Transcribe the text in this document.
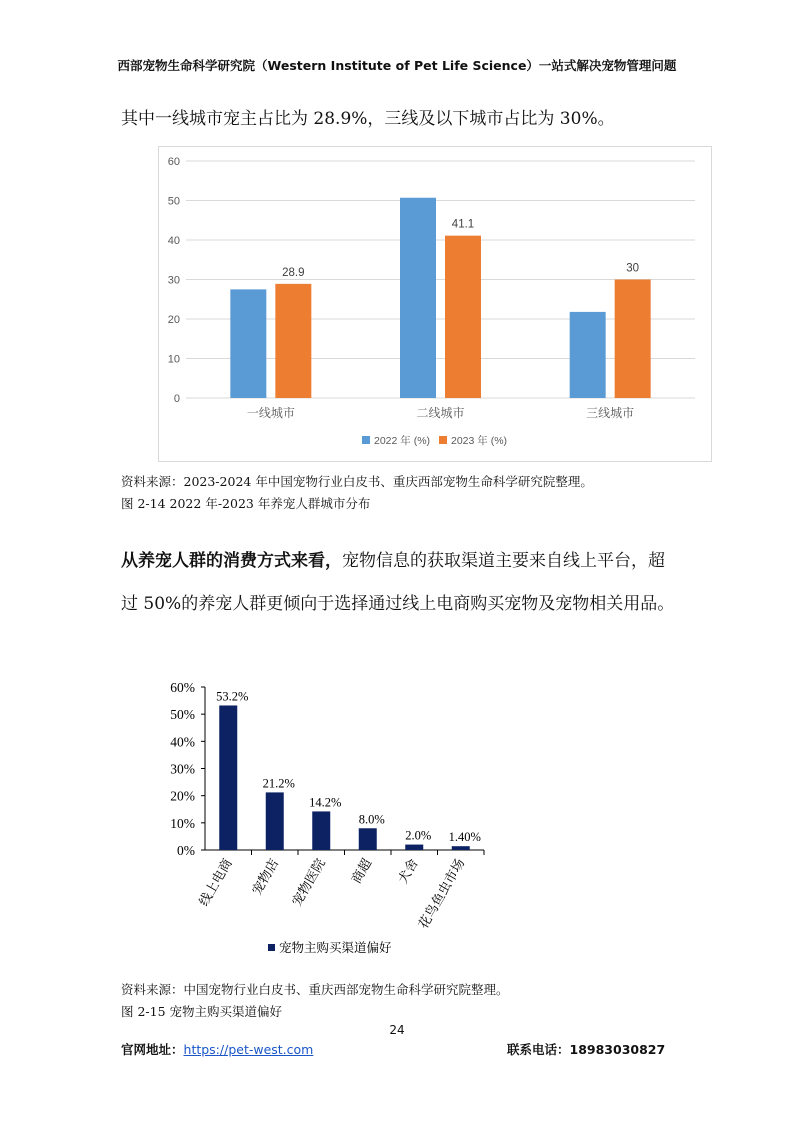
西部宠物生命科学研究院（Western Institute of Pet Life Science）一站式解决宠物管理问题
其中一线城市宠主占比为 28.9%，三线及以下城市占比为 30%。
0
10
20
30
40
50
60
28.9
一线城市
41.1
二线城市
30
三线城市
2022 年 (%) 2023 年 (%)
资料来源：2023-2024 年中国宠物行业白皮书、重庆西部宠物生命科学研究院整理。
图 2-14 2022 年-2023 年养宠人群城市分布
从养宠人群的消费方式来看，宠物信息的获取渠道主要来自线上平台，超过 50%的养宠人群更倾向于选择通过线上电商购买宠物及宠物相关用品。
0%
10%
20%
30%
40%
50%
60%
53.2%
线上电商
21.2%
宠物店
14.2%
宠物医院
8.0%
商超
2.0%
犬舍
1.40%
花鸟鱼虫市场
宠物主购买渠道偏好
资料来源：中国宠物行业白皮书、重庆西部宠物生命科学研究院整理。
图 2-15 宠物主购买渠道偏好
24
官网地址：https://pet-west.com	联系电话：18983030827
